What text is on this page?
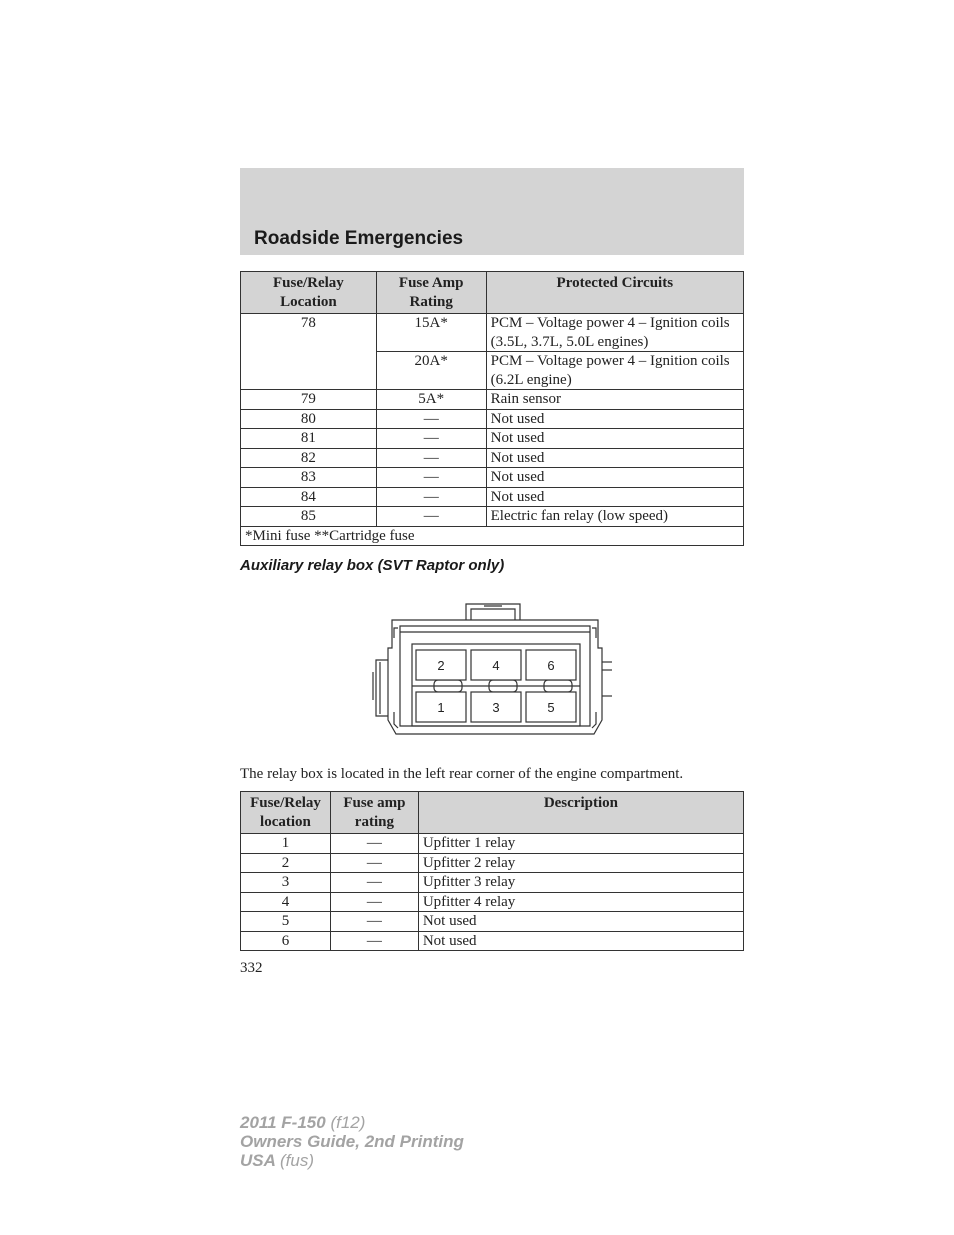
Roadside Emergencies
Fuse/Relay Location	Fuse Amp Rating	Protected Circuits
78	15A*	PCM – Voltage power 4 – Ignition coils (3.5L, 3.7L, 5.0L engines)
	20A*	PCM – Voltage power 4 – Ignition coils (6.2L engine)
79	5A*	Rain sensor
80	—	Not used
81	—	Not used
82	—	Not used
83	—	Not used
84	—	Not used
85	—	Electric fan relay (low speed)
*Mini fuse **Cartridge fuse		
Auxiliary relay box (SVT Raptor only)
2	4	6
1	3	5
The relay box is located in the left rear corner of the engine compartment.
Fuse/Relay location	Fuse amp rating	Description
1	—	Upfitter 1 relay
2	—	Upfitter 2 relay
3	—	Upfitter 3 relay
4	—	Upfitter 4 relay
5	—	Not used
6	—	Not used
332
2011 F-150 (f12)
Owners Guide, 2nd Printing
USA (fus)
